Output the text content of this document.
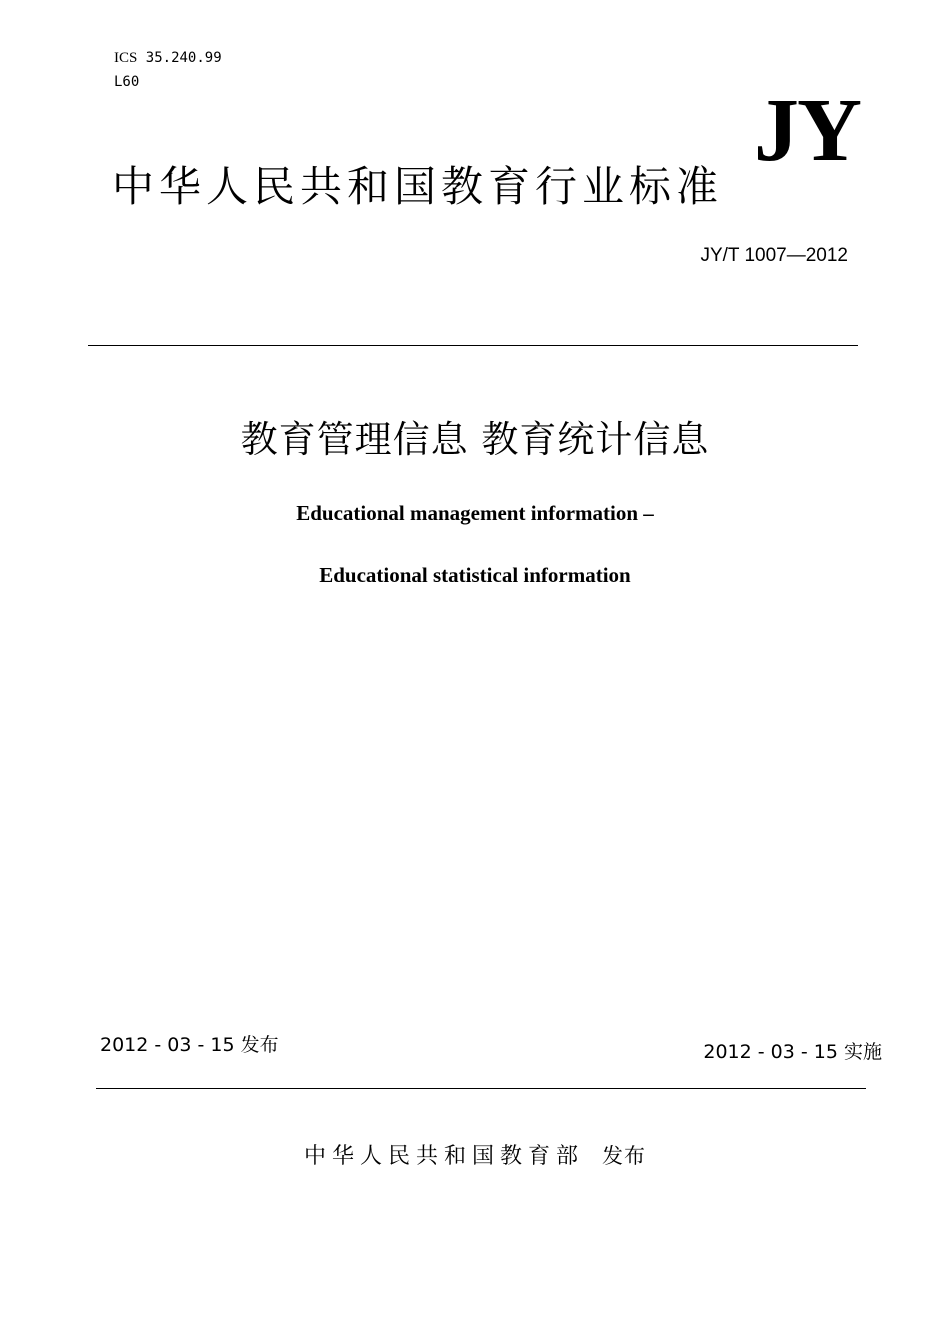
ICS 35.240.99
L60	JY
中华人民共和国教育行业标准
JY/T 1007—2012
教育管理信息 教育统计信息
Educational management information –
Educational statistical information
2012 - 03 - 15 发布	2012 - 03 - 15 实施
中华人民共和国教育部 发布
